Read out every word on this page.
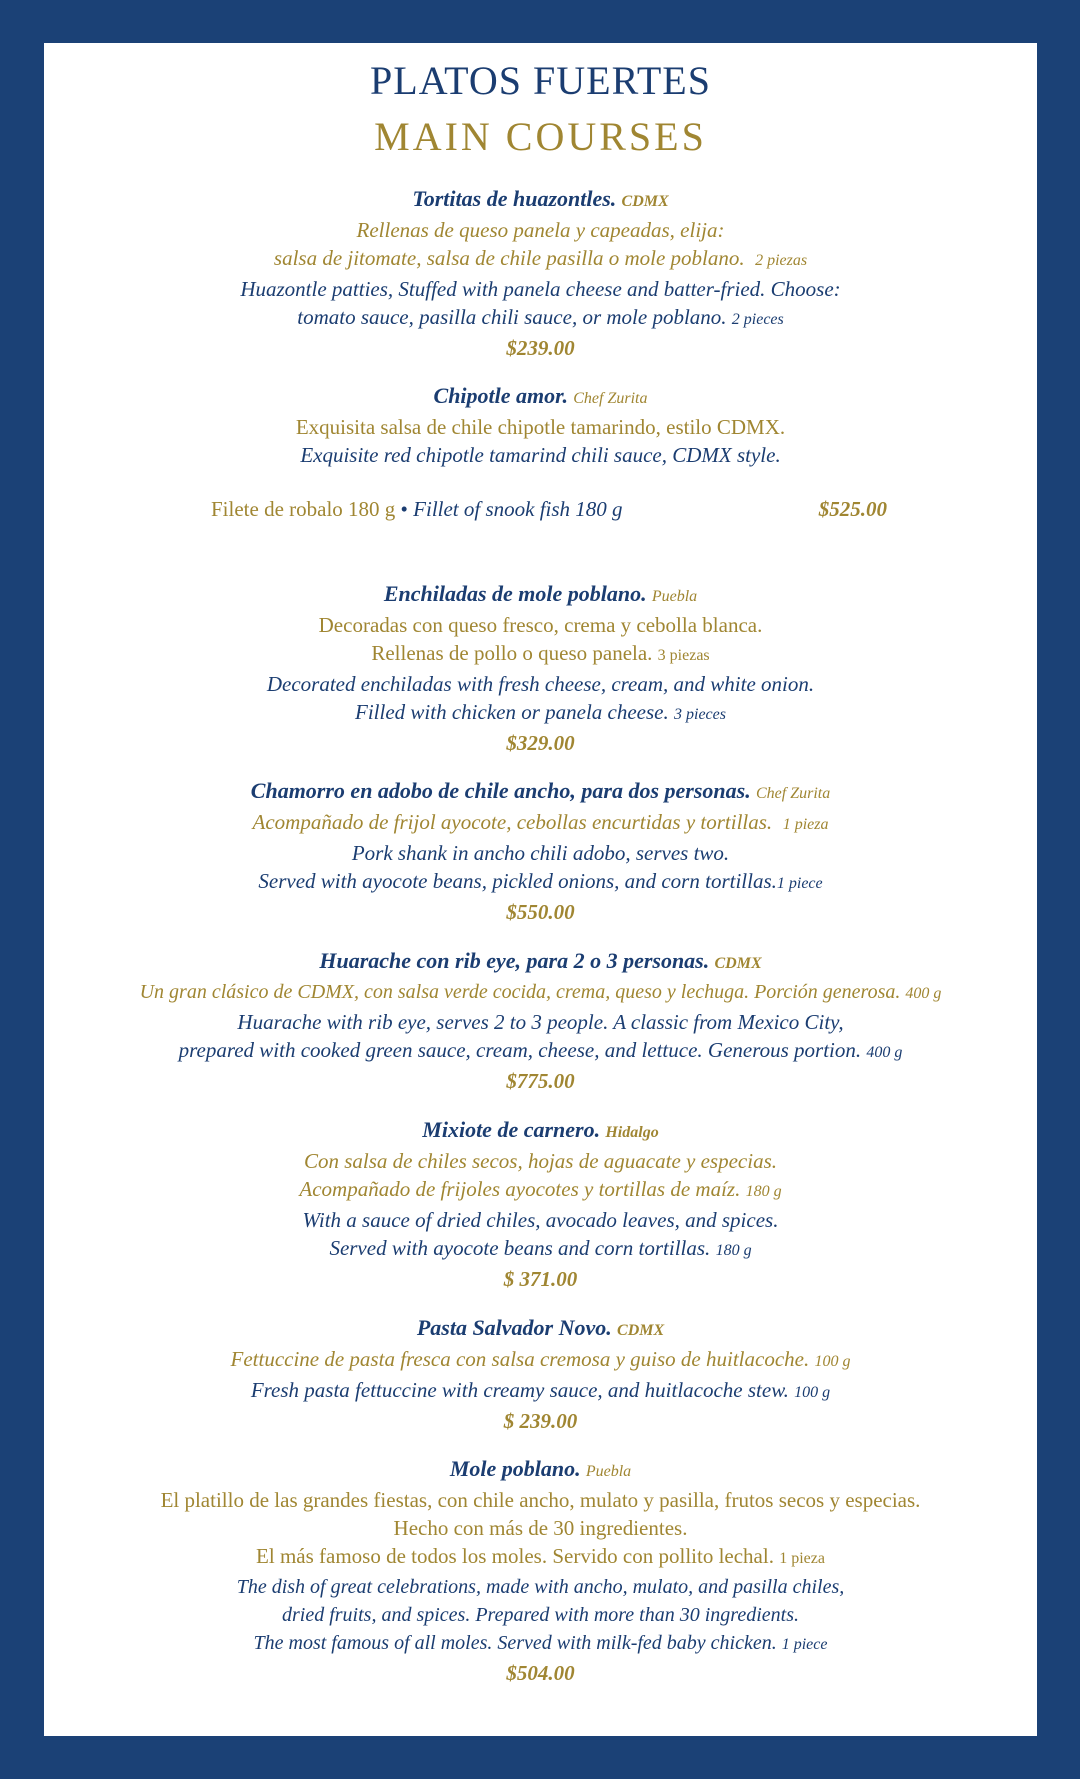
PLATOS FUERTES
MAIN COURSES
Tortitas de huazontles. CDMX
Rellenas de queso panela y capeadas, elija:
salsa de jitomate, salsa de chile pasilla o mole poblano. 2 piezas
Huazontle patties, Stuffed with panela cheese and batter-fried. Choose:
tomato sauce, pasilla chili sauce, or mole poblano. 2 pieces
$239.00
Chipotle amor. Chef Zurita
Exquisita salsa de chile chipotle tamarindo, estilo CDMX.
Exquisite red chipotle tamarind chili sauce, CDMX style.
Filete de robalo 180 g • Fillet of snook fish 180 g	$525.00
Enchiladas de mole poblano. Puebla
Decoradas con queso fresco, crema y cebolla blanca.
Rellenas de pollo o queso panela. 3 piezas
Decorated enchiladas with fresh cheese, cream, and white onion.
Filled with chicken or panela cheese. 3 pieces
$329.00
Chamorro en adobo de chile ancho, para dos personas. Chef Zurita
Acompañado de frijol ayocote, cebollas encurtidas y tortillas. 1 pieza
Pork shank in ancho chili adobo, serves two.
Served with ayocote beans, pickled onions, and corn tortillas.1 piece
$550.00
Huarache con rib eye, para 2 o 3 personas. CDMX
Un gran clásico de CDMX, con salsa verde cocida, crema, queso y lechuga. Porción generosa. 400 g
Huarache with rib eye, serves 2 to 3 people. A classic from Mexico City,
prepared with cooked green sauce, cream, cheese, and lettuce. Generous portion. 400 g
$775.00
Mixiote de carnero. Hidalgo
Con salsa de chiles secos, hojas de aguacate y especias.
Acompañado de frijoles ayocotes y tortillas de maíz. 180 g
With a sauce of dried chiles, avocado leaves, and spices.
Served with ayocote beans and corn tortillas. 180 g
$ 371.00
Pasta Salvador Novo. CDMX
Fettuccine de pasta fresca con salsa cremosa y guiso de huitlacoche. 100 g
Fresh pasta fettuccine with creamy sauce, and huitlacoche stew. 100 g
$ 239.00
Mole poblano. Puebla
El platillo de las grandes fiestas, con chile ancho, mulato y pasilla, frutos secos y especias.
Hecho con más de 30 ingredientes.
El más famoso de todos los moles. Servido con pollito lechal. 1 pieza
The dish of great celebrations, made with ancho, mulato, and pasilla chiles,
dried fruits, and spices. Prepared with more than 30 ingredients.
The most famous of all moles. Served with milk-fed baby chicken. 1 piece
$504.00
